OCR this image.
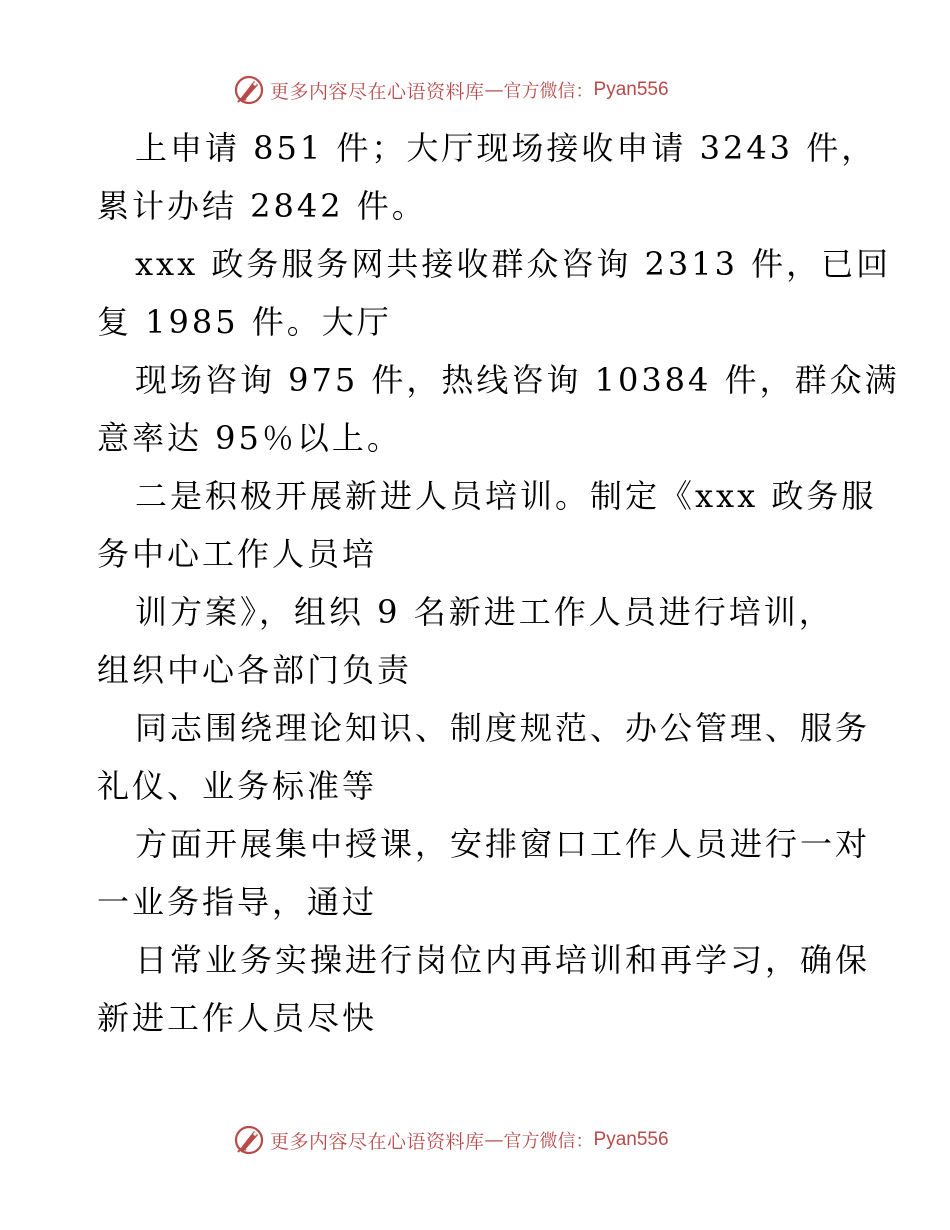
更多内容尽在心语资料库 — 官方微信： Pyan556
上申请 851 件；大厅现场接收申请 3243 件，
累计办结 2842 件。
xxx 政务服务网共接收群众咨询 2313 件，已回
复 1985 件。大厅
现场咨询 975 件，热线咨询 10384 件，群众满
意率达 95％以上。
二是积极开展新进人员培训。制定《xxx 政务服
务中心工作人员培
训方案》，组织 9 名新进工作人员进行培训，
组织中心各部门负责
同志围绕理论知识、制度规范、办公管理、服务
礼仪、业务标准等
方面开展集中授课，安排窗口工作人员进行一对
一业务指导，通过
日常业务实操进行岗位内再培训和再学习，确保
新进工作人员尽快
更多内容尽在心语资料库 — 官方微信： Pyan556
